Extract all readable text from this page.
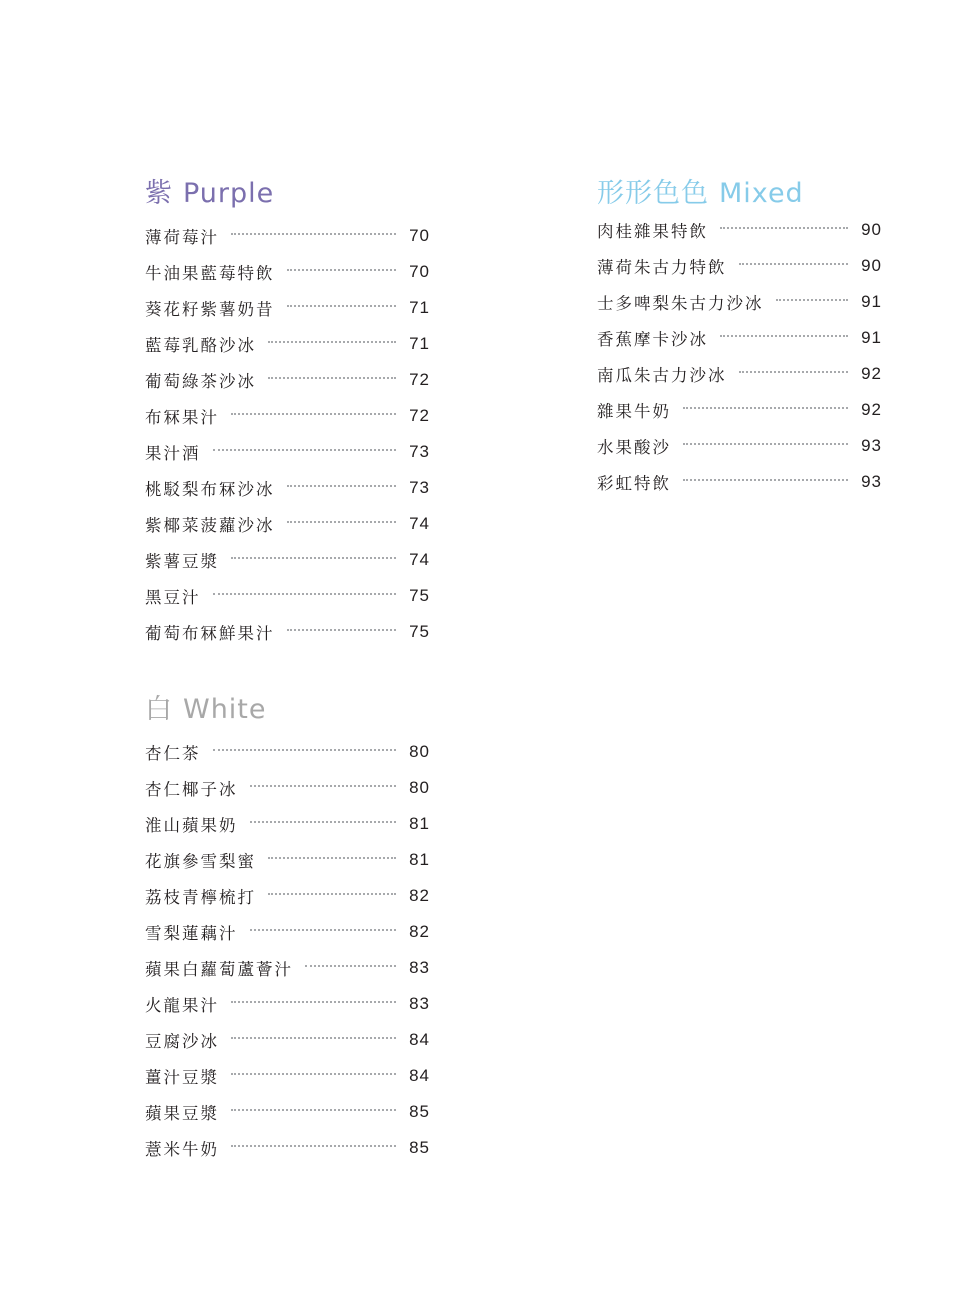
紫 Purple
薄荷莓汁	70
牛油果藍莓特飲	70
葵花籽紫薯奶昔	71
藍莓乳酪沙冰	71
葡萄綠茶沙冰	72
布冧果汁	72
果汁酒	73
桃駁梨布冧沙冰	73
紫椰菜菠蘿沙冰	74
紫薯豆漿	74
黑豆汁	75
葡萄布冧鮮果汁	75
白 White
杏仁茶	80
杏仁椰子冰	80
淮山蘋果奶	81
花旗參雪梨蜜	81
荔枝青檸梳打	82
雪梨蓮藕汁	82
蘋果白蘿蔔蘆薈汁	83
火龍果汁	83
豆腐沙冰	84
薑汁豆漿	84
蘋果豆漿	85
薏米牛奶	85
形形色色 Mixed
肉桂雜果特飲	90
薄荷朱古力特飲	90
士多啤梨朱古力沙冰	91
香蕉摩卡沙冰	91
南瓜朱古力沙冰	92
雜果牛奶	92
水果酸沙	93
彩虹特飲	93
